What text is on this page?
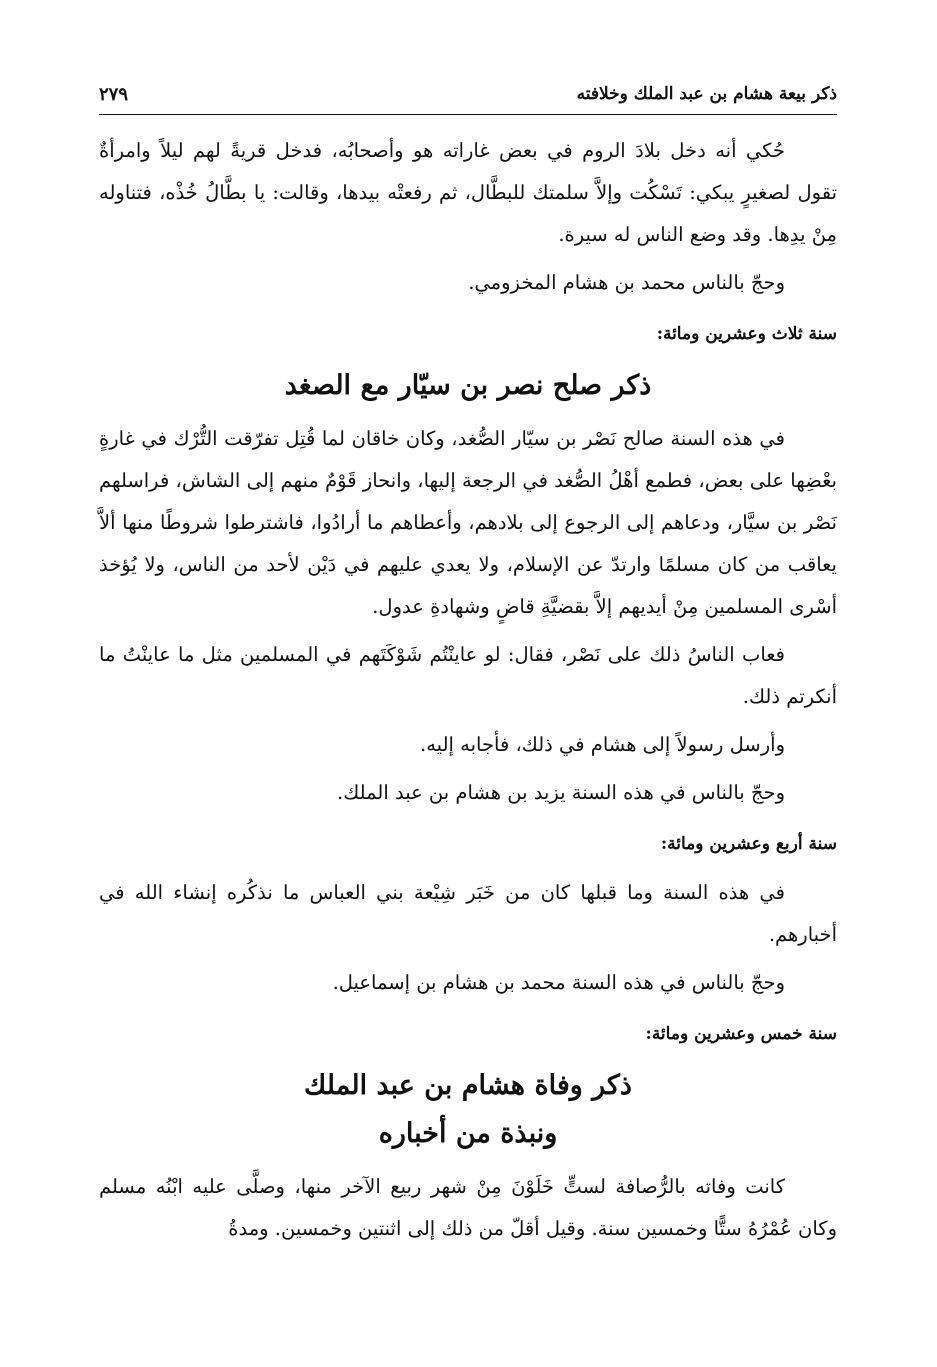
ذكر بيعة هشام بن عبد الملك وخلافته
٢٧٩

حُكي أنه دخل بلادَ الروم في بعض غاراته هو وأصحابُه، فدخل قريةً لهم ليلاً وامرأةٌ تقول لصغيرٍ يبكي: تَسْكُت وإلاَّ سلمتك للبطَّال، ثم رفعتْه بيدها، وقالت: يا بطَّالُ خُذْه، فتناوله مِنْ يدِها. وقد وضع الناس له سيرة.

وحجّ بالناس محمد بن هشام المخزومي.

سنة ثلاث وعشرين ومائة:
ذكر صلح نصر بن سيّار مع الصغد

في هذه السنة صالح نَصْر بن سيّار الصُّغد، وكان خاقان لما قُتِل تفرّقت التُّرْك في غارةٍ بعْضِها على بعض، فطمع أهْلُ الصُّغد في الرجعة إليها، وانحاز قَوْمٌ منهم إلى الشاش، فراسلهم نَصْر بن سيَّار، ودعاهم إلى الرجوع إلى بلادهم، وأعطاهم ما أرادُوا، فاشترطوا شروطًا منها ألاَّ يعاقب من كان مسلمًا وارتدّ عن الإسلام، ولا يعدي عليهم في دَيْن لأحد من الناس، ولا يُؤخذ أسْرى المسلمين مِنْ أيديهم إلاَّ بقضيَّةِ قاضٍ وشهادةِ عدول.

فعاب الناسُ ذلك على نَصْر، فقال: لو عاينْتُم شَوْكَتَهم في المسلمين مثل ما عاينْتُ ما أنكرتم ذلك.

وأرسل رسولاً إلى هشام في ذلك، فأجابه إليه.

وحجّ بالناس في هذه السنة يزيد بن هشام بن عبد الملك.

سنة أربع وعشرين ومائة:

في هذه السنة وما قبلها كان من خَبَر شِيْعة بني العباس ما نذكُره إنشاء الله في أخبارهم.

وحجّ بالناس في هذه السنة محمد بن هشام بن إسماعيل.

سنة خمس وعشرين ومائة:
ذكر وفاة هشام بن عبد الملك
ونبذة من أخباره

كانت وفاته بالرُّصافة لستٍّ خَلَوْنَ مِنْ شهر ربيع الآخر منها، وصلَّى عليه ابْنُه مسلم وكان عُمْرُهُ ستًّا وخمسين سنة. وقيل أقلّ من ذلك إلى اثنتين وخمسين. ومدةُ
